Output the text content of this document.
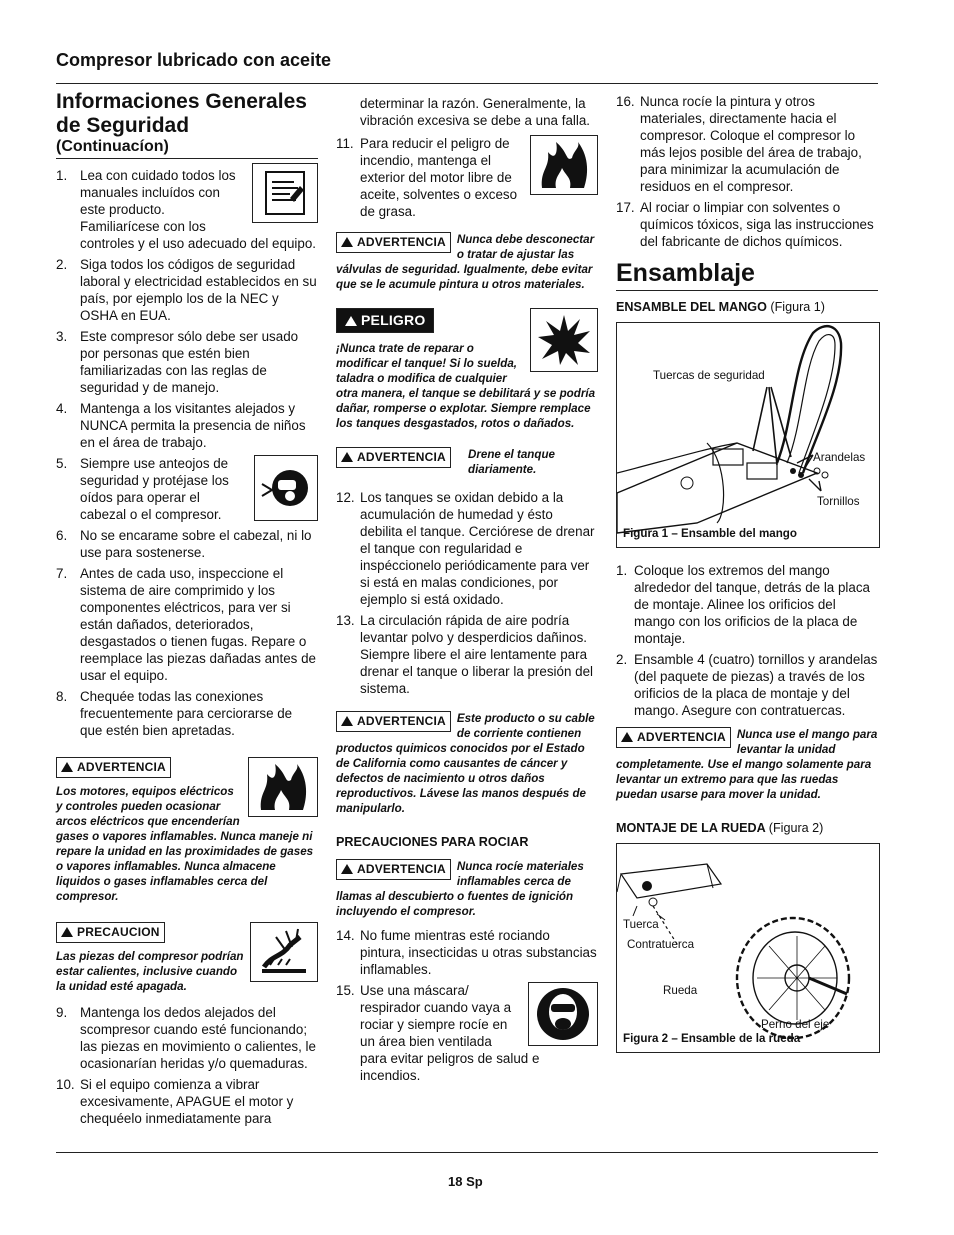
Compresor lubricado con aceite
Informaciones Generales de Seguridad
(Continuacíon)
1. Lea con cuidado todos los manuales incluídos con este producto. Familiarícese con los controles y el uso adecuado del equipo.
2. Siga todos los códigos de seguridad laboral y electricidad establecidos en su país, por ejemplo los de la NEC y OSHA en EUA.
3. Este compresor sólo debe ser usado por personas que estén bien familiarizadas con las reglas de seguridad y de manejo.
4. Mantenga a los visitantes alejados y NUNCA permita la presencia de niños en el área de trabajo.
5. Siempre use anteojos de seguridad y protéjase los oídos para operar el cabezal o el compresor.
6. No se encarame sobre el cabezal, ni lo use para sostenerse.
7. Antes de cada uso, inspeccione el sistema de aire comprimido y los componentes eléctricos, para ver si están dañados, deteriorados, desgastados o tienen fugas. Repare o reemplace las piezas dañadas antes de usar el equipo.
8. Chequée todas las conexiones frecuentemente para cerciorarse de que estén bien apretadas.
ADVERTENCIA
Los motores, equipos eléctricos y controles pueden ocasionar arcos eléctricos que encenderían gases o vapores inflamables. Nunca maneje ni repare la unidad en las proximidades de gases o vapores inflamables. Nunca almacene liquidos o gases inflamables cerca del compresor.
PRECAUCION
Las piezas del compresor podrían estar calientes, inclusive cuando la unidad esté apagada.
9. Mantenga los dedos alejados del scompresor cuando esté funcionando; las piezas en movimiento o calientes, le ocasionarían heridas y/o quemaduras.
10. Si el equipo comienza a vibrar excesivamente, APAGUE el motor y chequéelo inmediatamente para
determinar la razón. Generalmente, la vibración excesiva se debe a una falla.
11. Para reducir el peligro de incendio, mantenga el exterior del motor libre de aceite, solventes o exceso de grasa.
ADVERTENCIA Nunca debe desconectar o tratar de ajustar las válvulas de seguridad. Igualmente, debe evitar que se le acumule pintura u otros materiales.
PELIGRO
¡Nunca trate de reparar o modificar el tanque! Si lo suelda, taladra o modifica de cualquier otra manera, el tanque se debilitará y se podría dañar, romperse o explotar. Siempre remplace los tanques desgastados, rotos o dañados.
ADVERTENCIA	Drene el tanque diariamente.
12. Los tanques se oxidan debido a la acumulación de humedad y ésto debilita el tanque. Cerciórese de drenar el tanque con regularidad e inspéccionelo periódicamente para ver si está en malas condiciones, por ejemplo si está oxidado.
13. La circulación rápida de aire podría levantar polvo y desperdicios dañinos. Siempre libere el aire lentamente para drenar el tanque o liberar la presión del sistema.
ADVERTENCIA Este producto o su cable de corriente contienen productos quimicos conocidos por el Estado de California como causantes de cáncer y defectos de nacimiento u otros daños reproductivos. Lávese las manos después de manipularlo.
PRECAUCIONES PARA ROCIAR
ADVERTENCIA Nunca rocíe materiales inflamables cerca de llamas al descubierto o fuentes de ignición incluyendo el compresor.
14. No fume mientras esté rociando pintura, insecticidas u otras substancias inflamables.
15. Use una máscara/ respirador cuando vaya a rociar y siempre rocíe en un área bien ventilada para evitar peligros de salud e incendios.
16. Nunca rocíe la pintura y otros materiales, directamente hacia el compresor. Coloque el compresor lo más lejos posible del área de trabajo, para minimizar la acumulación de residuos en el compresor.
17. Al rociar o limpiar con solventes o químicos tóxicos, siga las instrucciones del fabricante de dichos químicos.
Ensamblaje
ENSAMBLE DEL MANGO (Figura 1)
Tuercas de seguridad
Arandelas
Tornillos
Figura 1 – Ensamble del mango
1. Coloque los extremos del mango alrededor del tanque, detrás de la placa de montaje. Alinee los orificios del mango con los orificios de la placa de montaje.
2. Ensamble 4 (cuatro) tornillos y arandelas (del paquete de piezas) a través de los orificios de la placa de montaje y del mango. Asegure con contratuercas.
ADVERTENCIA Nunca use el mango para levantar la unidad completamente. Use el mango solamente para levantar un extremo para que las ruedas puedan usarse para mover la unidad.
MONTAJE DE LA RUEDA (Figura 2)
Tuerca
Contratuerca
Rueda
Perno del eje
Figura 2 – Ensamble de la rueda
18 Sp
